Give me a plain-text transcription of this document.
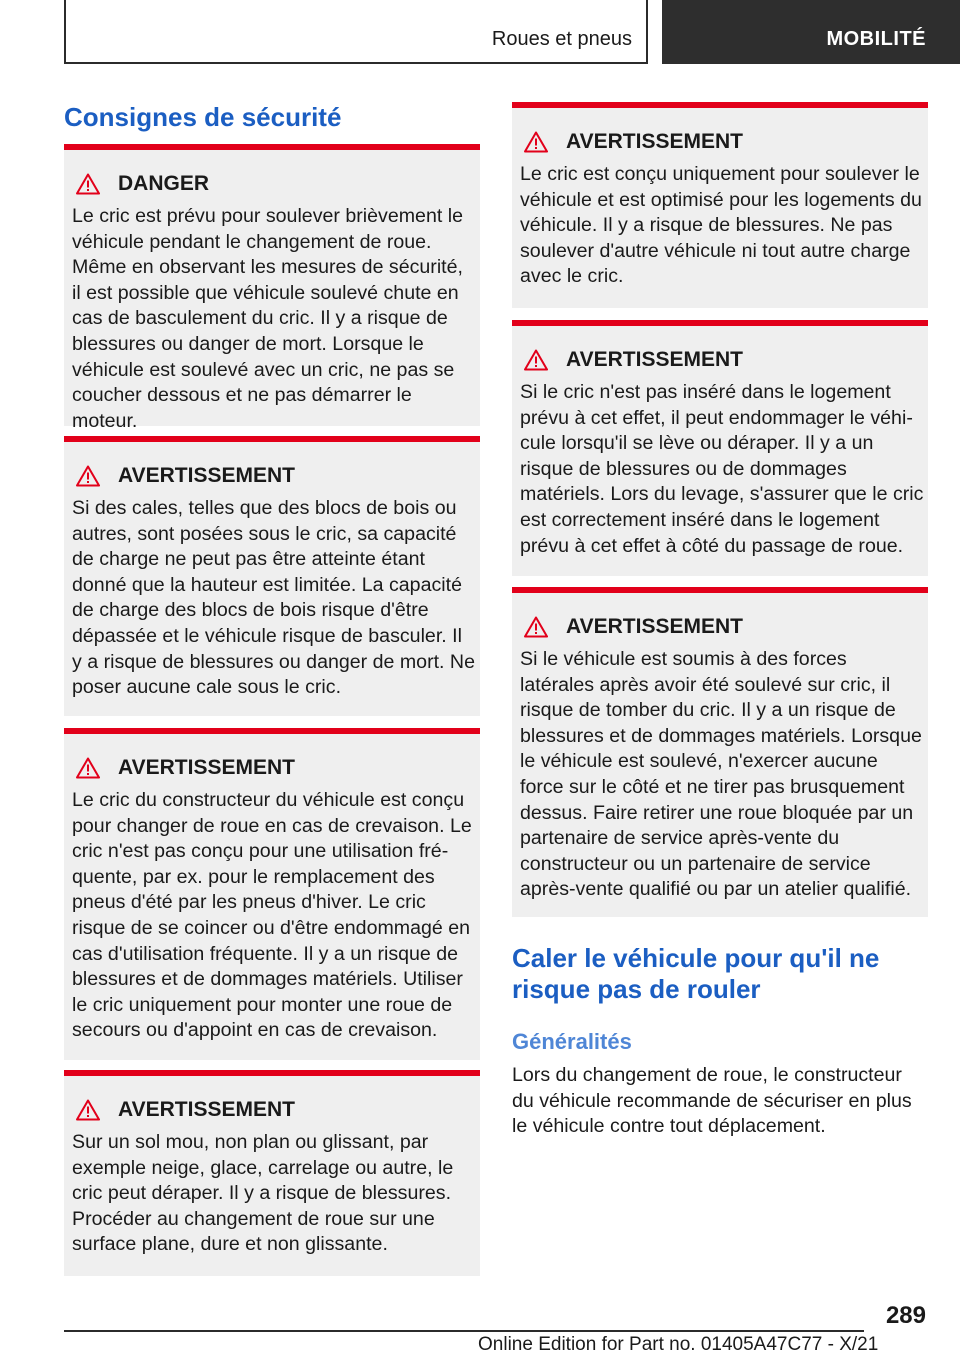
Roues et pneus	MOBILITÉ
Consignes de sécurité
DANGER

Le cric est prévu pour soulever brièvement le véhicule pendant le changement de roue. Même en observant les mesures de sécurité, il est possible que véhicule soulevé chute en cas de basculement du cric. Il y a risque de blessures ou danger de mort. Lorsque le véhicule est soulevé avec un cric, ne pas se coucher dessous et ne pas démarrer le moteur.

AVERTISSEMENT

Si des cales, telles que des blocs de bois ou autres, sont posées sous le cric, sa capacité de charge ne peut pas être atteinte étant donné que la hauteur est limitée. La capacité de charge des blocs de bois risque d'être dépassée et le véhicule risque de basculer. Il y a risque de blessures ou danger de mort. Ne poser aucune cale sous le cric.

AVERTISSEMENT

Le cric du constructeur du véhicule est conçu pour changer de roue en cas de crevaison. Le cric n'est pas conçu pour une utilisation fréquente, par ex. pour le remplacement des pneus d'été par les pneus d'hiver. Le cric risque de se coincer ou d'être endommagé en cas d'utilisation fréquente. Il y a un risque de blessures et de dommages matériels. Utiliser le cric uniquement pour monter une roue de secours ou d'appoint en cas de crevaison.

AVERTISSEMENT

Sur un sol mou, non plan ou glissant, par exemple neige, glace, carrelage ou autre, le cric peut déraper. Il y a risque de blessures. Procéder au changement de roue sur une surface plane, dure et non glissante.

AVERTISSEMENT

Le cric est conçu uniquement pour soulever le véhicule et est optimisé pour les logements du véhicule. Il y a risque de blessures. Ne pas soulever d'autre véhicule ni tout autre charge avec le cric.

AVERTISSEMENT

Si le cric n'est pas inséré dans le logement prévu à cet effet, il peut endommager le véhicule lorsqu'il se lève ou déraper. Il y a un risque de blessures ou de dommages matériels. Lors du levage, s'assurer que le cric est correctement inséré dans le logement prévu à cet effet à côté du passage de roue.

AVERTISSEMENT

Si le véhicule est soumis à des forces latérales après avoir été soulevé sur cric, il risque de tomber du cric. Il y a un risque de blessures et de dommages matériels. Lorsque le véhicule est soulevé, n'exercer aucune force sur le côté et ne tirer pas brusquement dessus. Faire retirer une roue bloquée par un partenaire de service après-vente du constructeur ou un partenaire de service après-vente qualifié ou par un atelier qualifié.

Caler le véhicule pour qu'il ne risque pas de rouler
Généralités

Lors du changement de roue, le constructeur du véhicule recommande de sécuriser en plus le véhicule contre tout déplacement.

289
Online Edition for Part no. 01405A47C77 - X/21
